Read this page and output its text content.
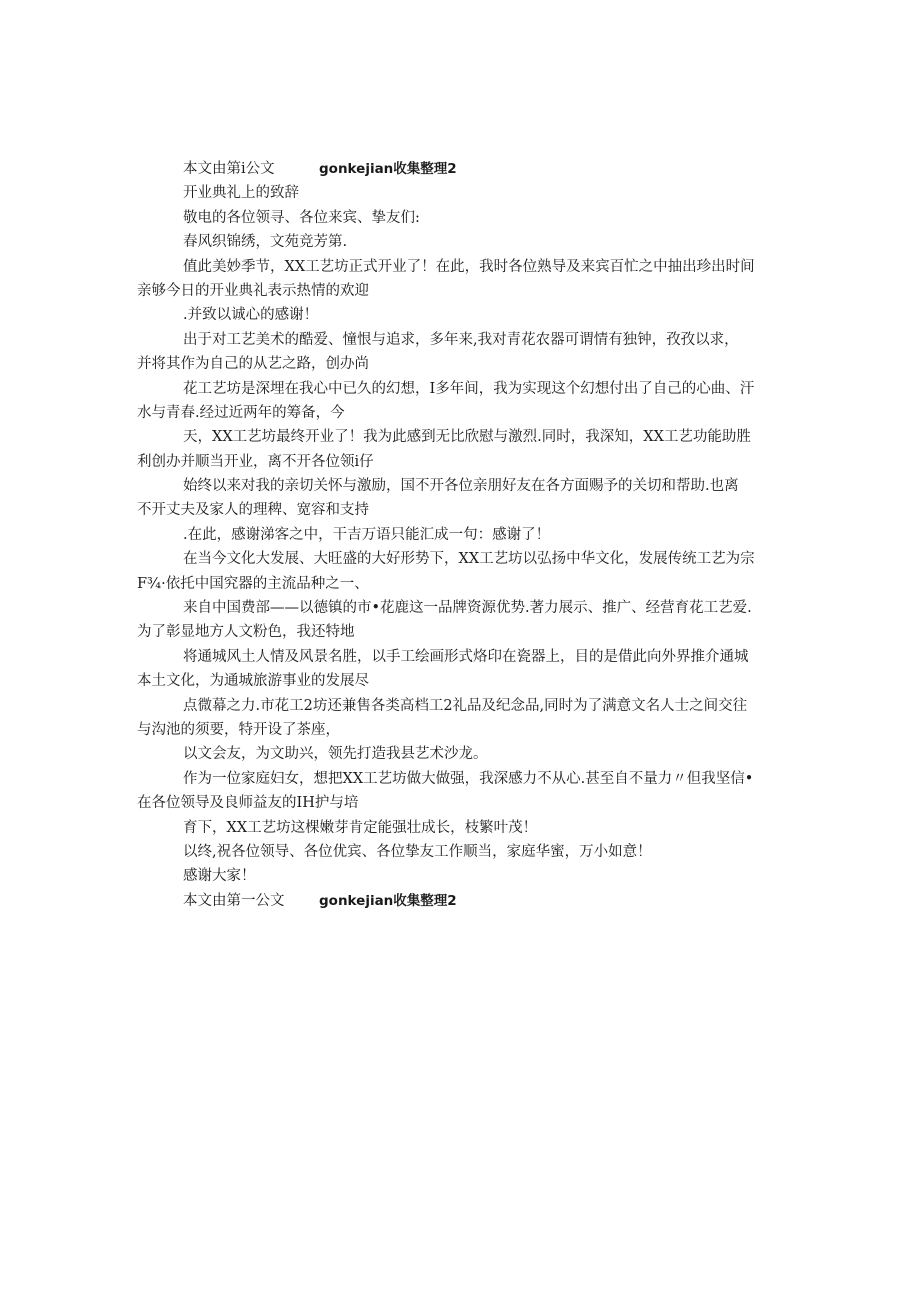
本文由第i公文	gonkejian收集整理2
开业典礼上的致辞
敬电的各位领寻、各位来宾、挚友们:
春风织锦绣，文苑竞芳第.
值此美妙季节，XX工艺坊正式开业了！在此，我时各位熟导及来宾百忙之中抽出珍出时间
亲够今日的开业典礼表示热情的欢迎
.并致以诚心的感谢！
出于对工艺美术的酷爱、憧恨与追求，多年来,我对青花农器可谓情有独钟，孜孜以求，
并将其作为自己的从艺之路，创办尚
花工艺坊是深埋在我心中已久的幻想，I多年间，我为实现这个幻想付出了自己的心曲、汗
水与青春.经过近两年的筹备，今
天，XX工艺坊最终开业了！我为此感到无比欣慰与激烈.同时，我深知，XX工艺功能助胜
利创办并顺当开业，离不开各位领i仔
始终以来对我的亲切关怀与激励，国不开各位亲朋好友在各方面赐予的关切和帮助.也离
不开丈夫及家人的理稗、宽容和支持
.在此，感谢涕客之中，干吉万语只能汇成一句：感谢了！
在当今文化大发展、大旺盛的大好形势下，XX工艺坊以弘扬中华文化，发展传统工艺为宗
F¾·依托中国究器的主流品种之一、
来自中国费部——以德镇的市•花鹿这一品牌资源优势.著力展示、推广、经营育花工艺爱.
为了彰显地方人文粉色，我还特地
将通城风土人情及风景名胜，以手工绘画形式烙印在瓷器上，目的是借此向外界推介通城
本土文化，为通城旅游事业的发展尽
点微幕之力.市花工2坊还兼售各类高档工2礼品及纪念品,同时为了满意文名人士之间交往
与沟池的须要，特开设了茶座，
以文会友，为文助兴，领先打造我县艺术沙龙。
作为一位家庭妇女，想把XX工艺坊做大做强，我深感力不从心.甚至自不量力〃但我坚信•
在各位领导及良师益友的IH护与培
育下，XX工艺坊这棵嫩芽肯定能强壮成长，枝繁叶茂！
以终,祝各位领导、各位优宾、各位挚友工作顺当，家庭华蜜，万小如意！
感谢大家！
本文由第一公文	gonkejian收集整理2
